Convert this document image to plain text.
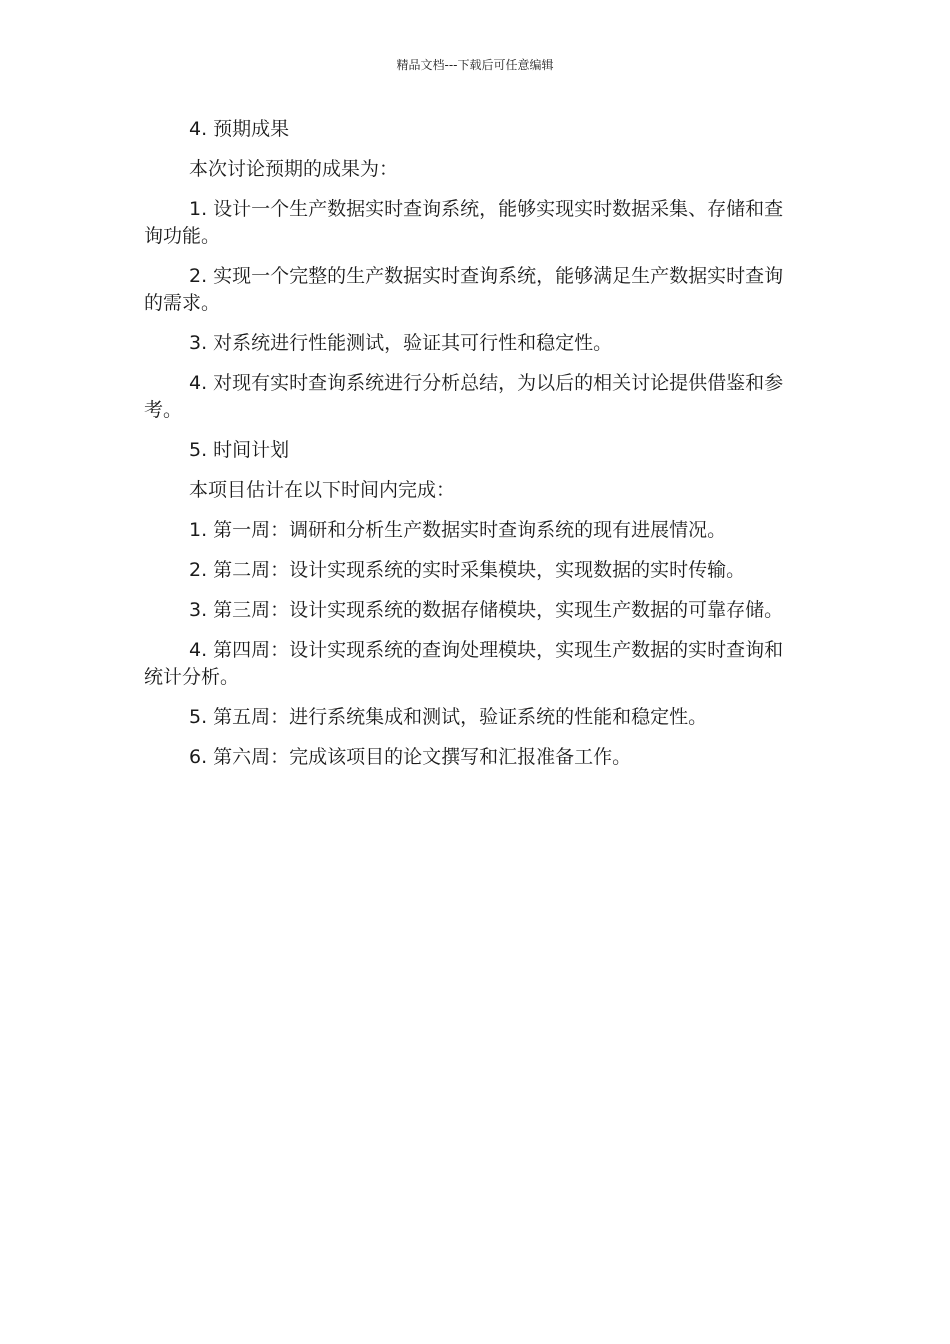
精品文档---下载后可任意编辑

4. 预期成果

本次讨论预期的成果为：

1. 设计一个生产数据实时查询系统，能够实现实时数据采集、存储和查询功能。

2. 实现一个完整的生产数据实时查询系统，能够满足生产数据实时查询的需求。

3. 对系统进行性能测试，验证其可行性和稳定性。

4. 对现有实时查询系统进行分析总结，为以后的相关讨论提供借鉴和参考。

5. 时间计划

本项目估计在以下时间内完成：

1. 第一周：调研和分析生产数据实时查询系统的现有进展情况。

2. 第二周：设计实现系统的实时采集模块，实现数据的实时传输。

3. 第三周：设计实现系统的数据存储模块，实现生产数据的可靠存储。

4. 第四周：设计实现系统的查询处理模块，实现生产数据的实时查询和统计分析。

5. 第五周：进行系统集成和测试，验证系统的性能和稳定性。

6. 第六周：完成该项目的论文撰写和汇报准备工作。
